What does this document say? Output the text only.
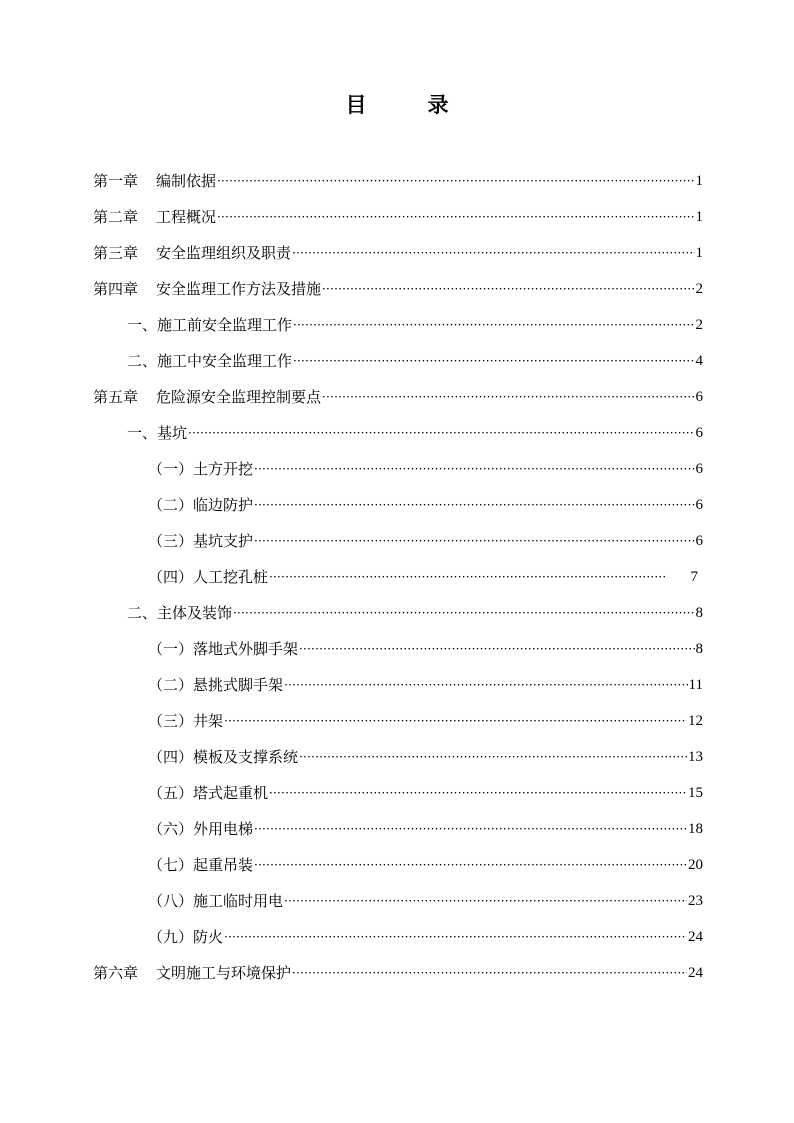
目　录
第一章 编制依据 ·····	1
第二章 工程概况 ·····	1
第三章 安全监理组织及职责 ·····	1
第四章 安全监理工作方法及措施 ·····	2
一、施工前安全监理工作 ·····	2
二、施工中安全监理工作 ·····	4
第五章 危险源安全监理控制要点 ·····	6
一、基坑 ·····	6
（一）土方开挖 ·····	6
（二）临边防护 ·····	6
（三）基坑支护 ·····	6
（四）人工挖孔桩 ·····	7
二、主体及装饰 ·····	8
（一）落地式外脚手架 ·····	8
（二）悬挑式脚手架 ·····	11
（三）井架 ·····	12
（四）模板及支撑系统 ·····	13
（五）塔式起重机 ·····	15
（六）外用电梯 ·····	18
（七）起重吊装 ·····	20
（八）施工临时用电 ·····	23
（九）防火 ·····	24
第六章 文明施工与环境保护 ·····	24
